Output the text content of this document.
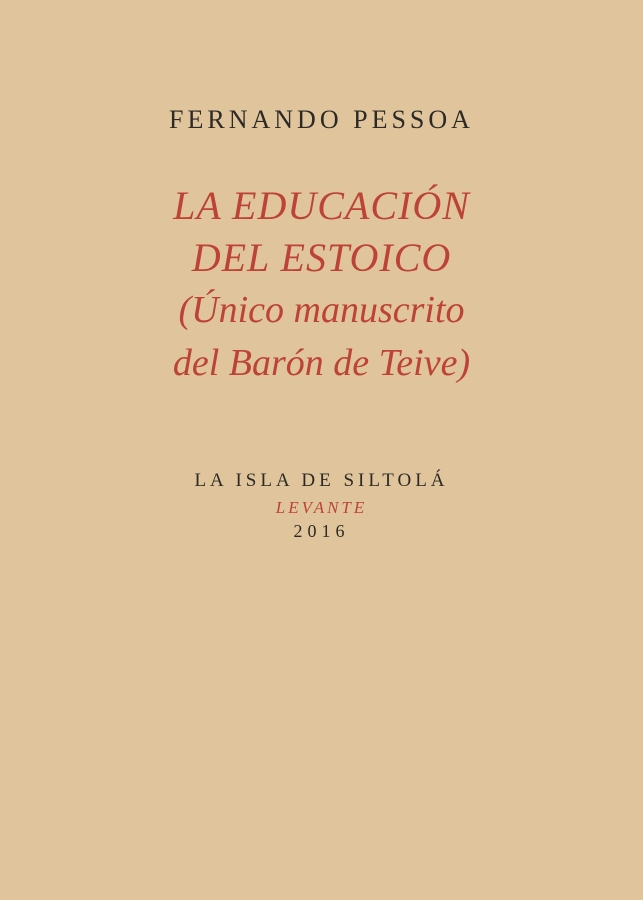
FERNANDO PESSOA
LA EDUCACIÓN
DEL ESTOICO
(Único manuscrito
del Barón de Teive)
LA ISLA DE SILTOLÁ
LEVANTE
2016
